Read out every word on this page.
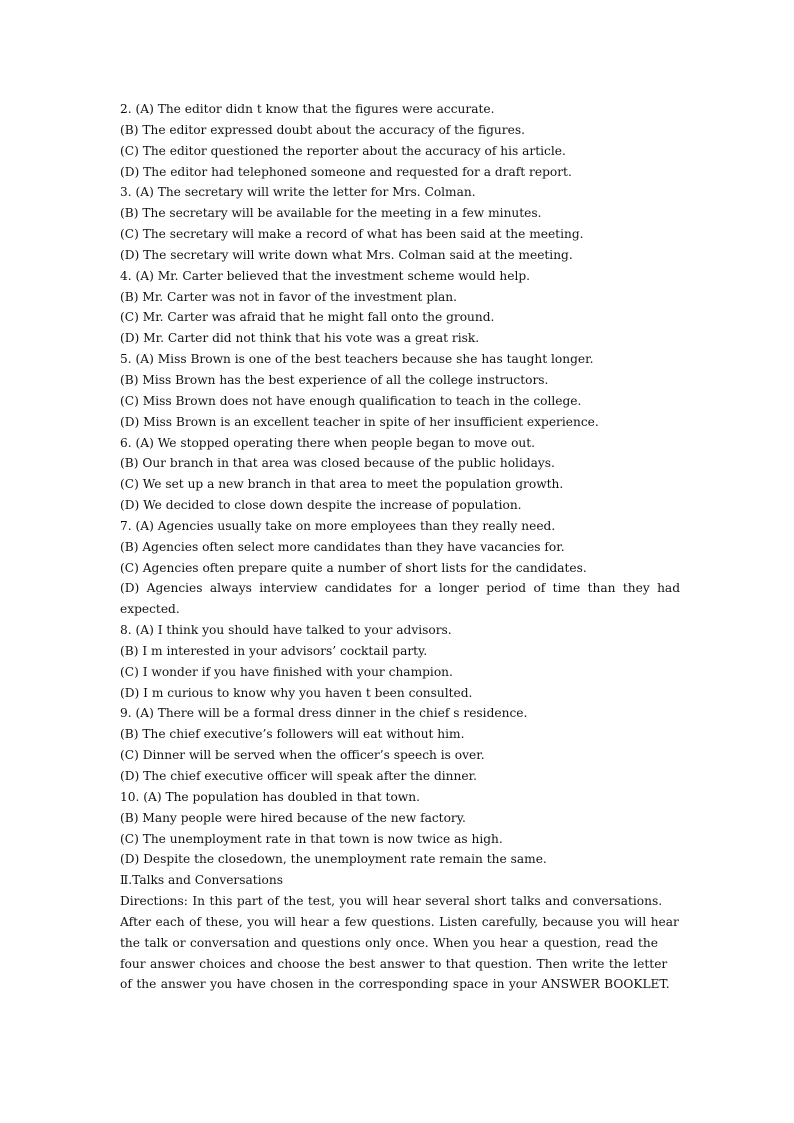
2. (A) The editor didn t know that the figures were accurate.
(B) The editor expressed doubt about the accuracy of the figures.
(C) The editor questioned the reporter about the accuracy of his article.
(D) The editor had telephoned someone and requested for a draft report.
3. (A) The secretary will write the letter for Mrs. Colman.
(B) The secretary will be available for the meeting in a few minutes.
(C) The secretary will make a record of what has been said at the meeting.
(D) The secretary will write down what Mrs. Colman said at the meeting.
4. (A) Mr. Carter believed that the investment scheme would help.
(B) Mr. Carter was not in favor of the investment plan.
(C) Mr. Carter was afraid that he might fall onto the ground.
(D) Mr. Carter did not think that his vote was a great risk.
5. (A) Miss Brown is one of the best teachers because she has taught longer.
(B) Miss Brown has the best experience of all the college instructors.
(C) Miss Brown does not have enough qualification to teach in the college.
(D) Miss Brown is an excellent teacher in spite of her insufficient experience.
6. (A) We stopped operating there when people began to move out.
(B) Our branch in that area was closed because of the public holidays.
(C) We set up a new branch in that area to meet the population growth.
(D) We decided to close down despite the increase of population.
7. (A) Agencies usually take on more employees than they really need.
(B) Agencies often select more candidates than they have vacancies for.
(C) Agencies often prepare quite a number of short lists for the candidates.
(D) Agencies always interview candidates for a longer period of time than they had expected.
8. (A) I think you should have talked to your advisors.
(B) I m interested in your advisors’ cocktail party.
(C) I wonder if you have finished with your champion.
(D) I m curious to know why you haven t been consulted.
9. (A) There will be a formal dress dinner in the chief s residence.
(B) The chief executive’s followers will eat without him.
(C) Dinner will be served when the officer’s speech is over.
(D) The chief executive officer will speak after the dinner.
10. (A) The population has doubled in that town.
(B) Many people were hired because of the new factory.
(C) The unemployment rate in that town is now twice as high.
(D) Despite the closedown, the unemployment rate remain the same.
Ⅱ.Talks and Conversations
Directions: In this part of the test, you will hear several short talks and conversations. After each of these, you will hear a few questions. Listen carefully, because you will hear the talk or conversation and questions only once. When you hear a question, read the four answer choices and choose the best answer to that question. Then write the letter of the answer you have chosen in the corresponding space in your ANSWER BOOKLET.
